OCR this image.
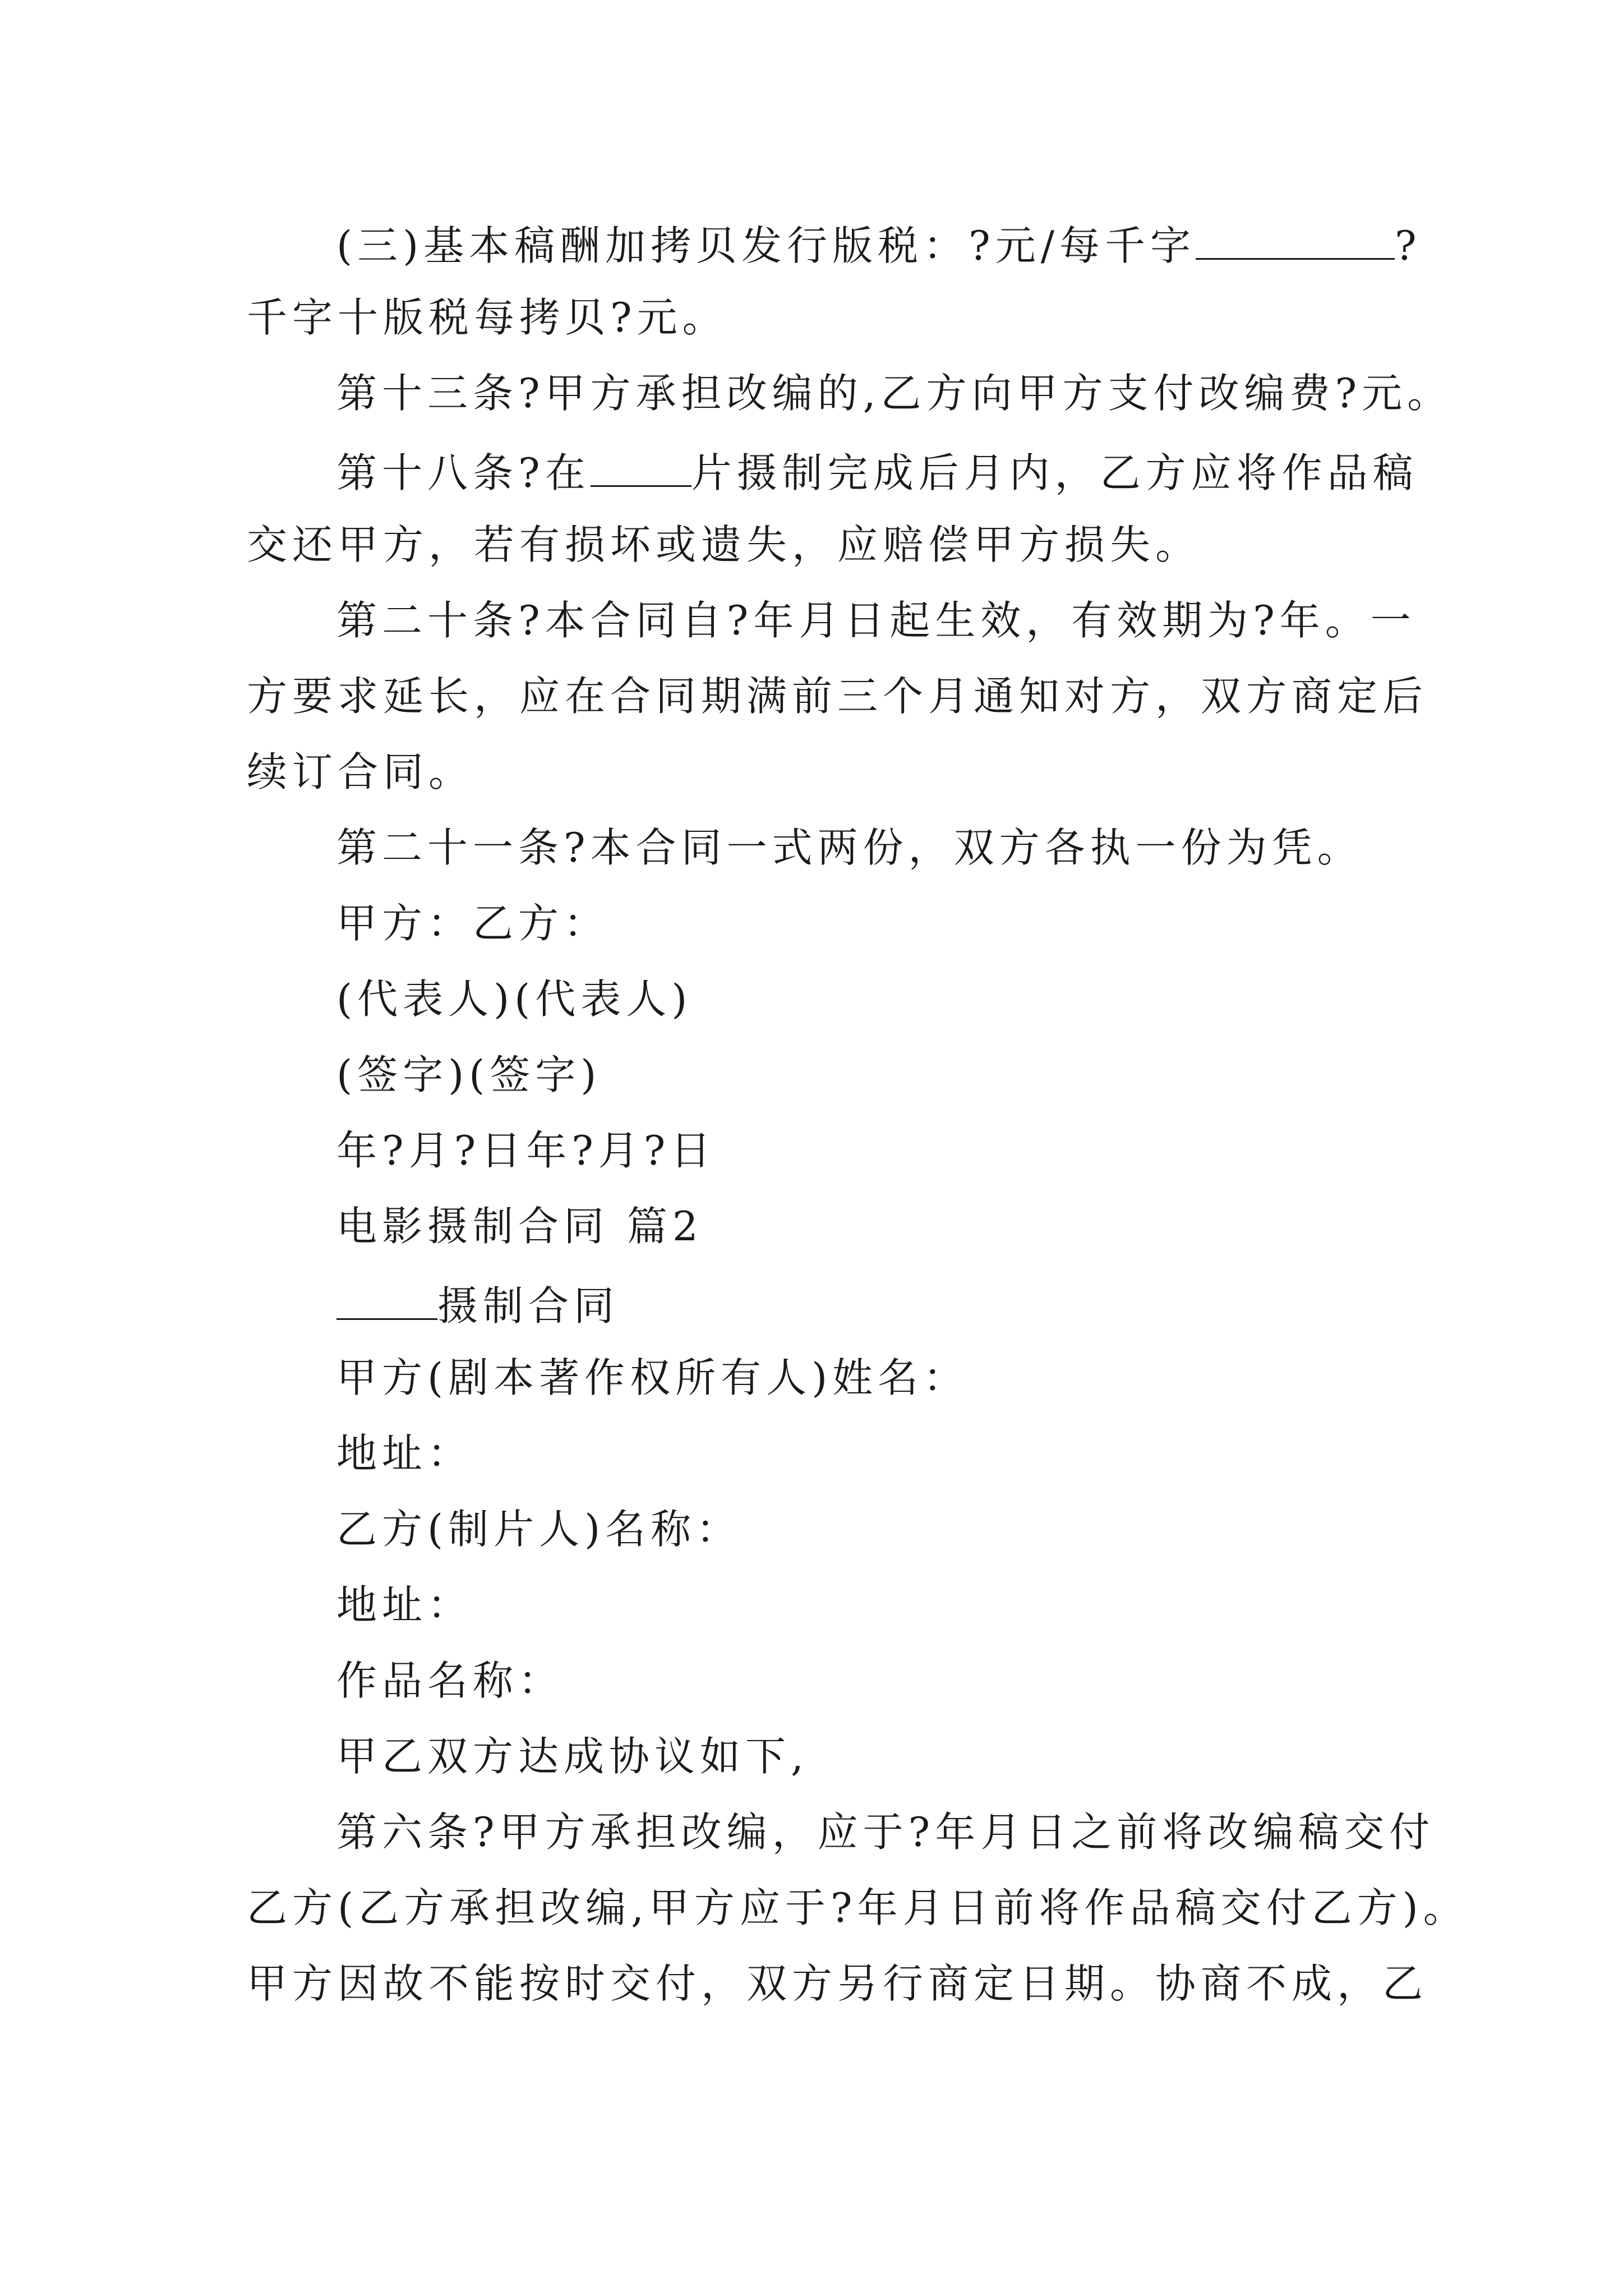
(三)基本稿酬加拷贝发行版税：?元/每千字	?
千字十版税每拷贝?元。
第十三条?甲方承担改编的,乙方向甲方支付改编费?元。
第十八条?在	片摄制完成后月内，乙方应将作品稿
交还甲方，若有损坏或遗失，应赔偿甲方损失。
第二十条?本合同自?年月日起生效，有效期为?年。一
方要求延长，应在合同期满前三个月通知对方，双方商定后
续订合同。
第二十一条?本合同一式两份，双方各执一份为凭。
甲方：乙方：
(代表人)(代表人)
(签字)(签字)
年?月?日年?月?日
电影摄制合同 篇2
摄制合同
甲方(剧本著作权所有人)姓名：
地址：
乙方(制片人)名称：
地址：
作品名称：
甲乙双方达成协议如下,
第六条?甲方承担改编，应于?年月日之前将改编稿交付
乙方(乙方承担改编,甲方应于?年月日前将作品稿交付乙方)。
甲方因故不能按时交付，双方另行商定日期。协商不成，乙
